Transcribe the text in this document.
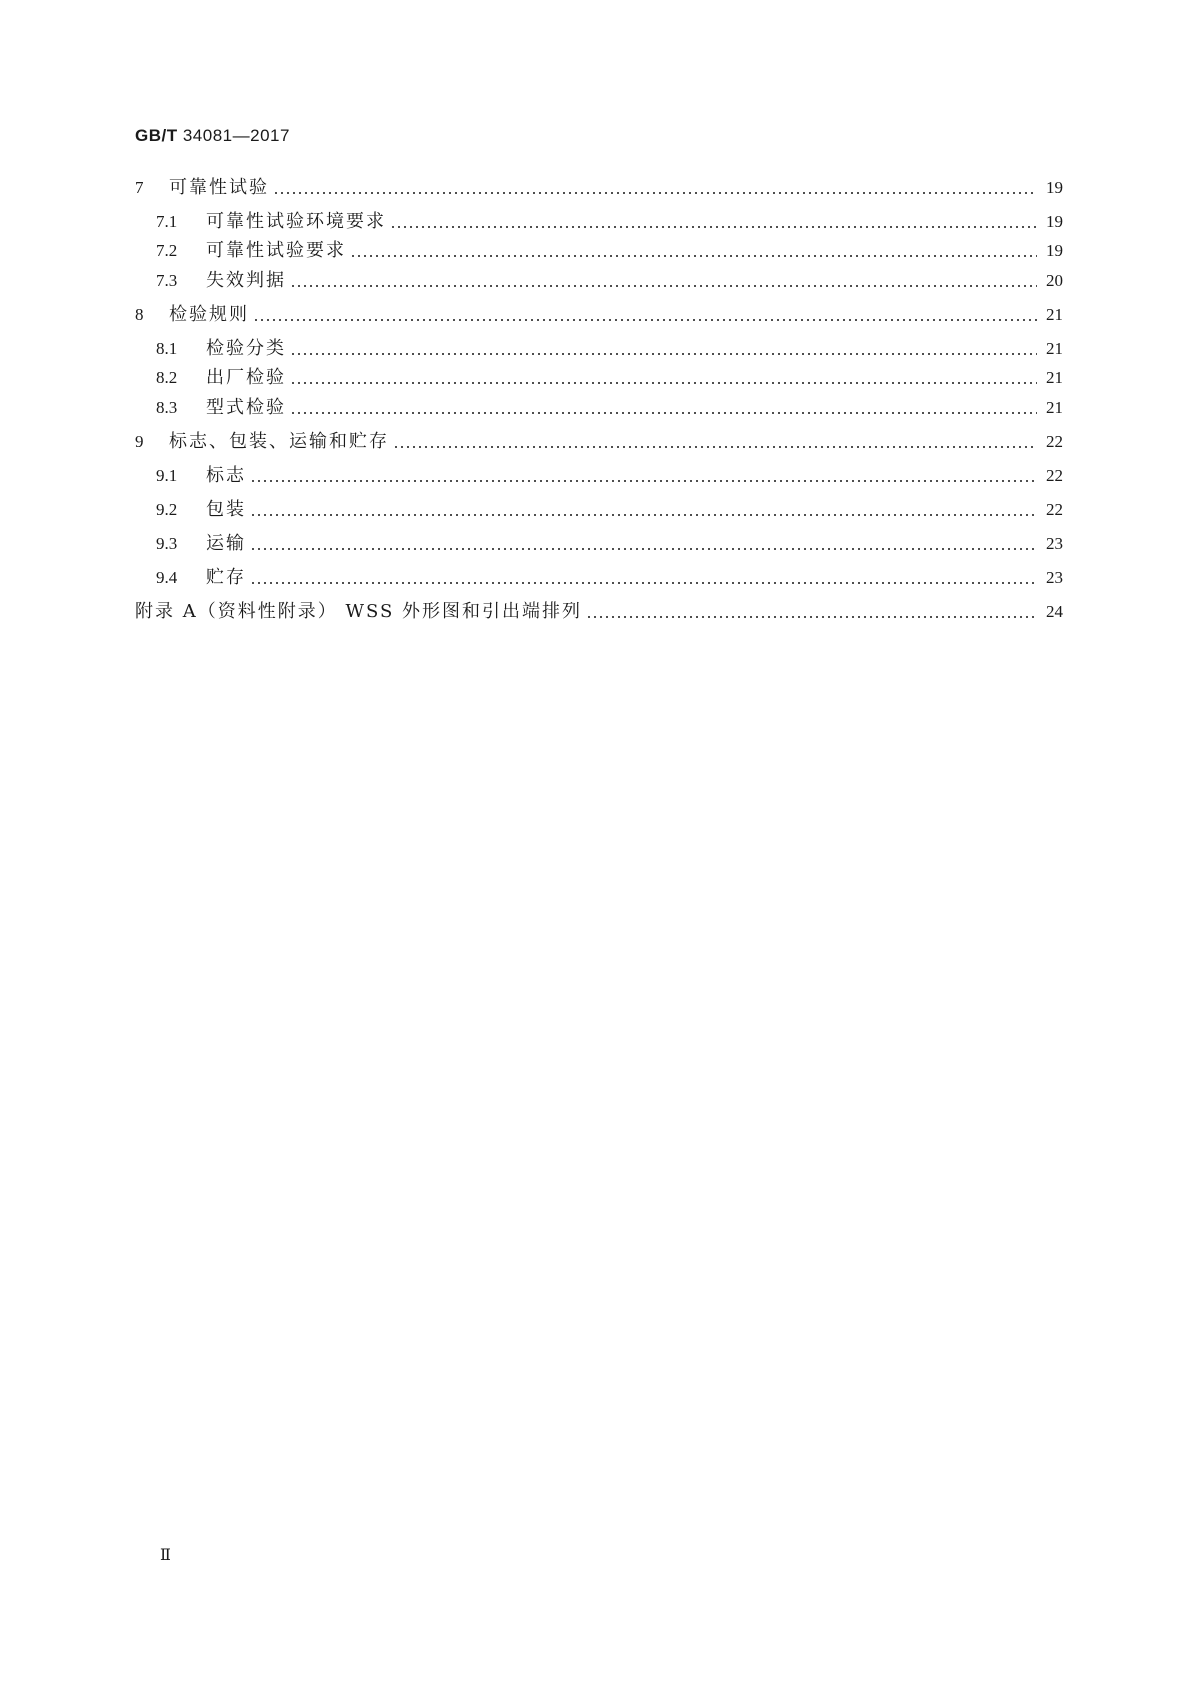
GB/T 34081—2017
7	可靠性试验	19
7.1	可靠性试验环境要求	19
7.2	可靠性试验要求	19
7.3	失效判据	20
8	检验规则	21
8.1	检验分类	21
8.2	出厂检验	21
8.3	型式检验	21
9	标志、包装、运输和贮存	22
9.1	标志	22
9.2	包装	22
9.3	运输	23
9.4	贮存	23
附录 A（资料性附录） WSS 外形图和引出端排列	24
Ⅱ
